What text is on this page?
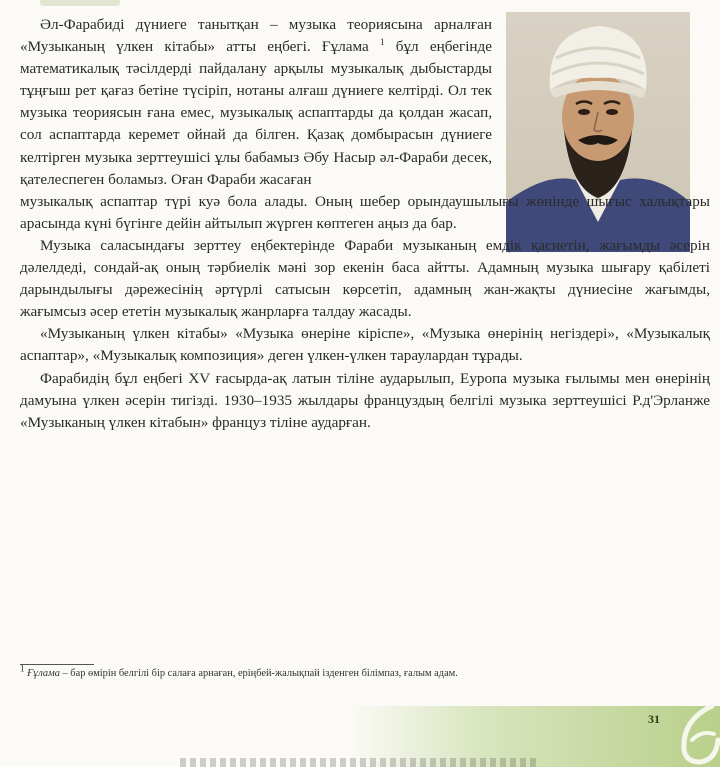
Әл-Фарабиді дүниеге танытқан – музыка теориясына арналған «Музыканың үлкен кітабы» атты еңбегі. Ғұлама $^1$ бұл еңбегінде математикалық тәсілдерді пайдалану арқылы музыкалық дыбыстарды тұңғыш рет қағаз бетіне түсіріп, нотаны алғаш дүниеге келтірді. Ол тек музыка теориясын ғана емес, музыкалық аспаптарды да қолдан жасап, сол аспаптарда керемет ойнай да білген. Қазақ домбырасын дүниеге келтірген музыка зерттеушісі ұлы бабамыз Әбу Насыр әл-Фараби десек, қателеспеген боламыз. Оған Фараби жасаған

музыкалық аспаптар түрі куә бола алады. Оның шебер орындаушылығы жөнінде шығыс халықтары арасында күні бүгінге дейін айтылып жүрген көптеген аңыз да бар.

Музыка саласындағы зерттеу еңбектерінде Фараби музыканың емдік қасиетін, жағымды әсерін дәлелдеді, сондай-ақ оның тәрбиелік мәні зор екенін баса айтты. Адамның музыка шығару қабілеті дарындылығы дәрежесінің әртүрлі сатысын көрсетіп, адамның жан-жақты дүниесіне жағымды, жағымсыз әсер ететін музыкалық жанрларға талдау жасады.

«Музыканың үлкен кітабы» «Музыка өнеріне кіріспе», «Музыка өнерінің негіздері», «Музыкалық аспаптар», «Музыкалық композиция» деген үлкен-үлкен тараулардан тұрады.

Фарабидің бұл еңбегі XV ғасырда-ақ латын тіліне аударылып, Еуропа музыка ғылымы мен өнерінің дамуына үлкен әсерін тигізді. 1930–1935 жылдары француздың белгілі музыка зерттеушісі Р.д'Эрланже «Музыканың үлкен кітабын» француз тіліне аударған.

$^1$ Ғұлама – бар өмірін белгілі бір салаға арнаған, еріңбей-жалықпай ізденген білімпаз, ғалым адам.
31
